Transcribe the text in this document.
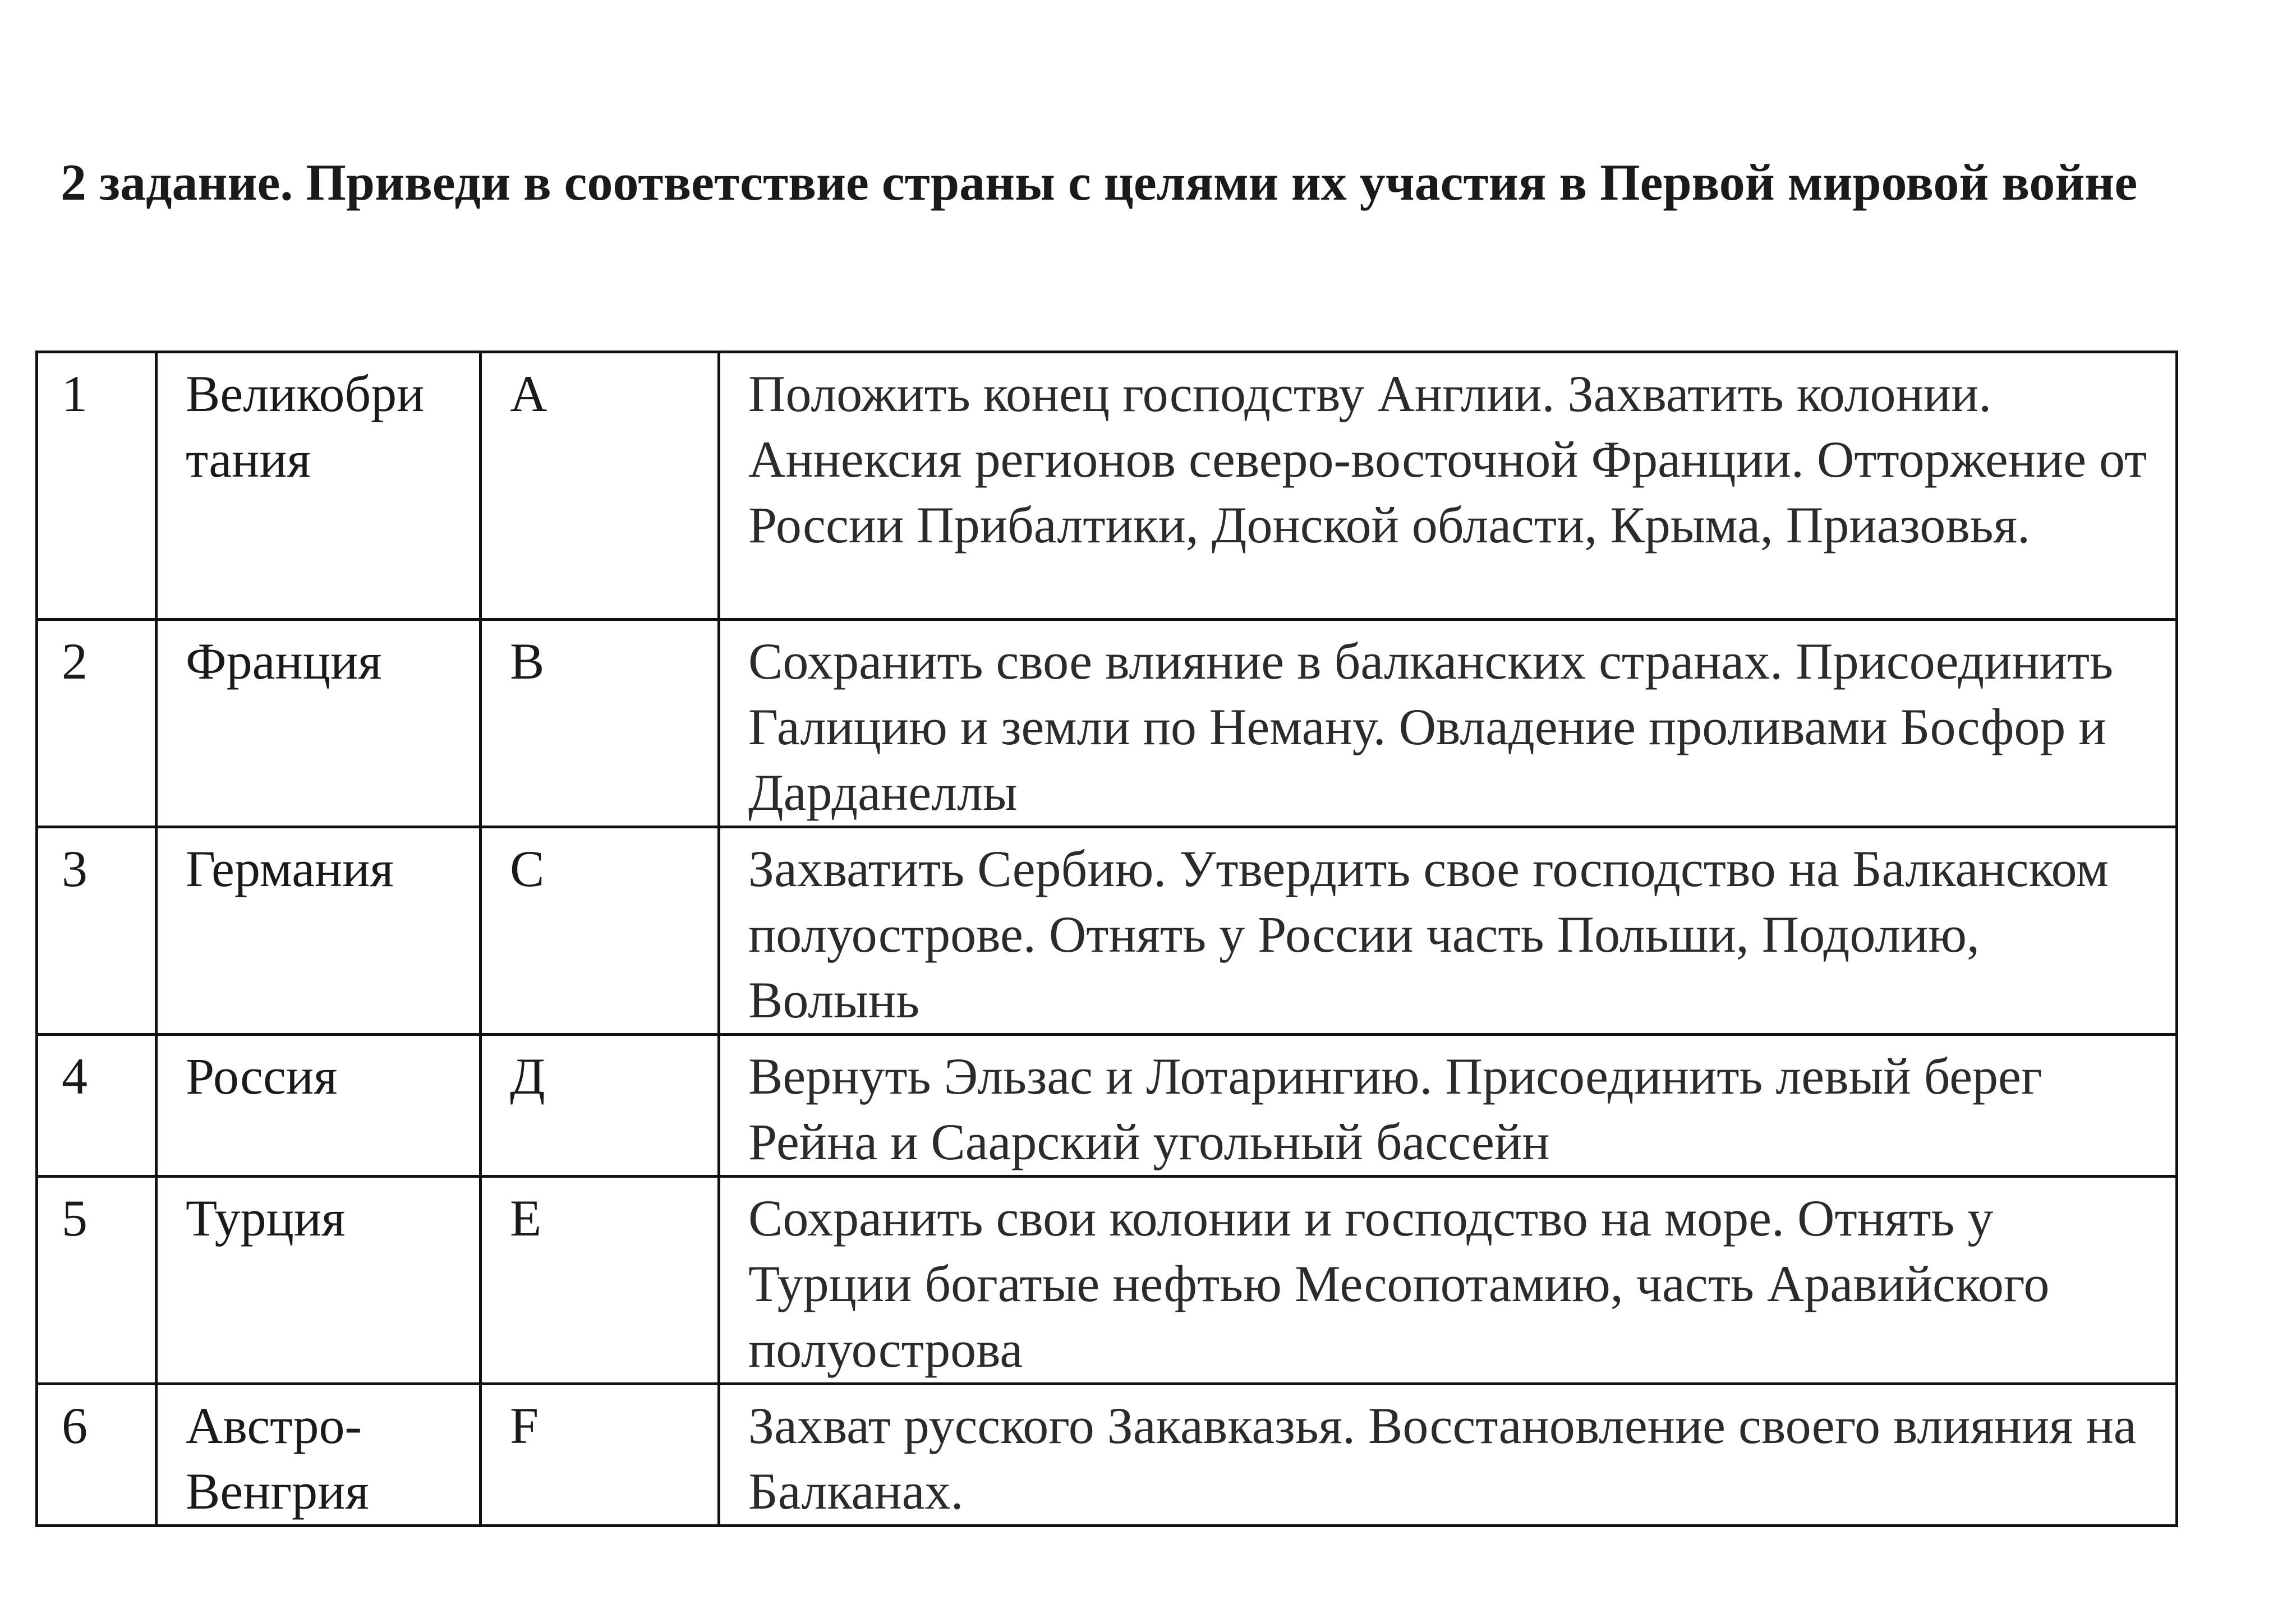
2 задание. Приведи в соответствие страны с целями их участия в Первой мировой войне

1	Великобри тания	A	Положить конец господству Англии. Захватить колонии. Аннексия регионов северо-восточной Франции. Отторжение от России Прибалтики, Донской области, Крыма, Приазовья.
2	Франция	B	Сохранить свое влияние в балканских странах. Присоединить Галицию и земли по Неману. Овладение проливами Босфор и Дарданеллы
3	Германия	C	Захватить Сербию. Утвердить свое господство на Балканском полуострове. Отнять у России часть Польши, Подолию, Волынь
4	Россия	Д	Вернуть Эльзас и Лотарингию. Присоединить левый берег Рейна и Саарский угольный бассейн
5	Турция	E	Сохранить свои колонии и господство на море. Отнять у Турции богатые нефтью Месопотамию, часть Аравийского полуострова
6	Австро-Венгрия	F	Захват русского Закавказья. Восстановление своего влияния на Балканах.
